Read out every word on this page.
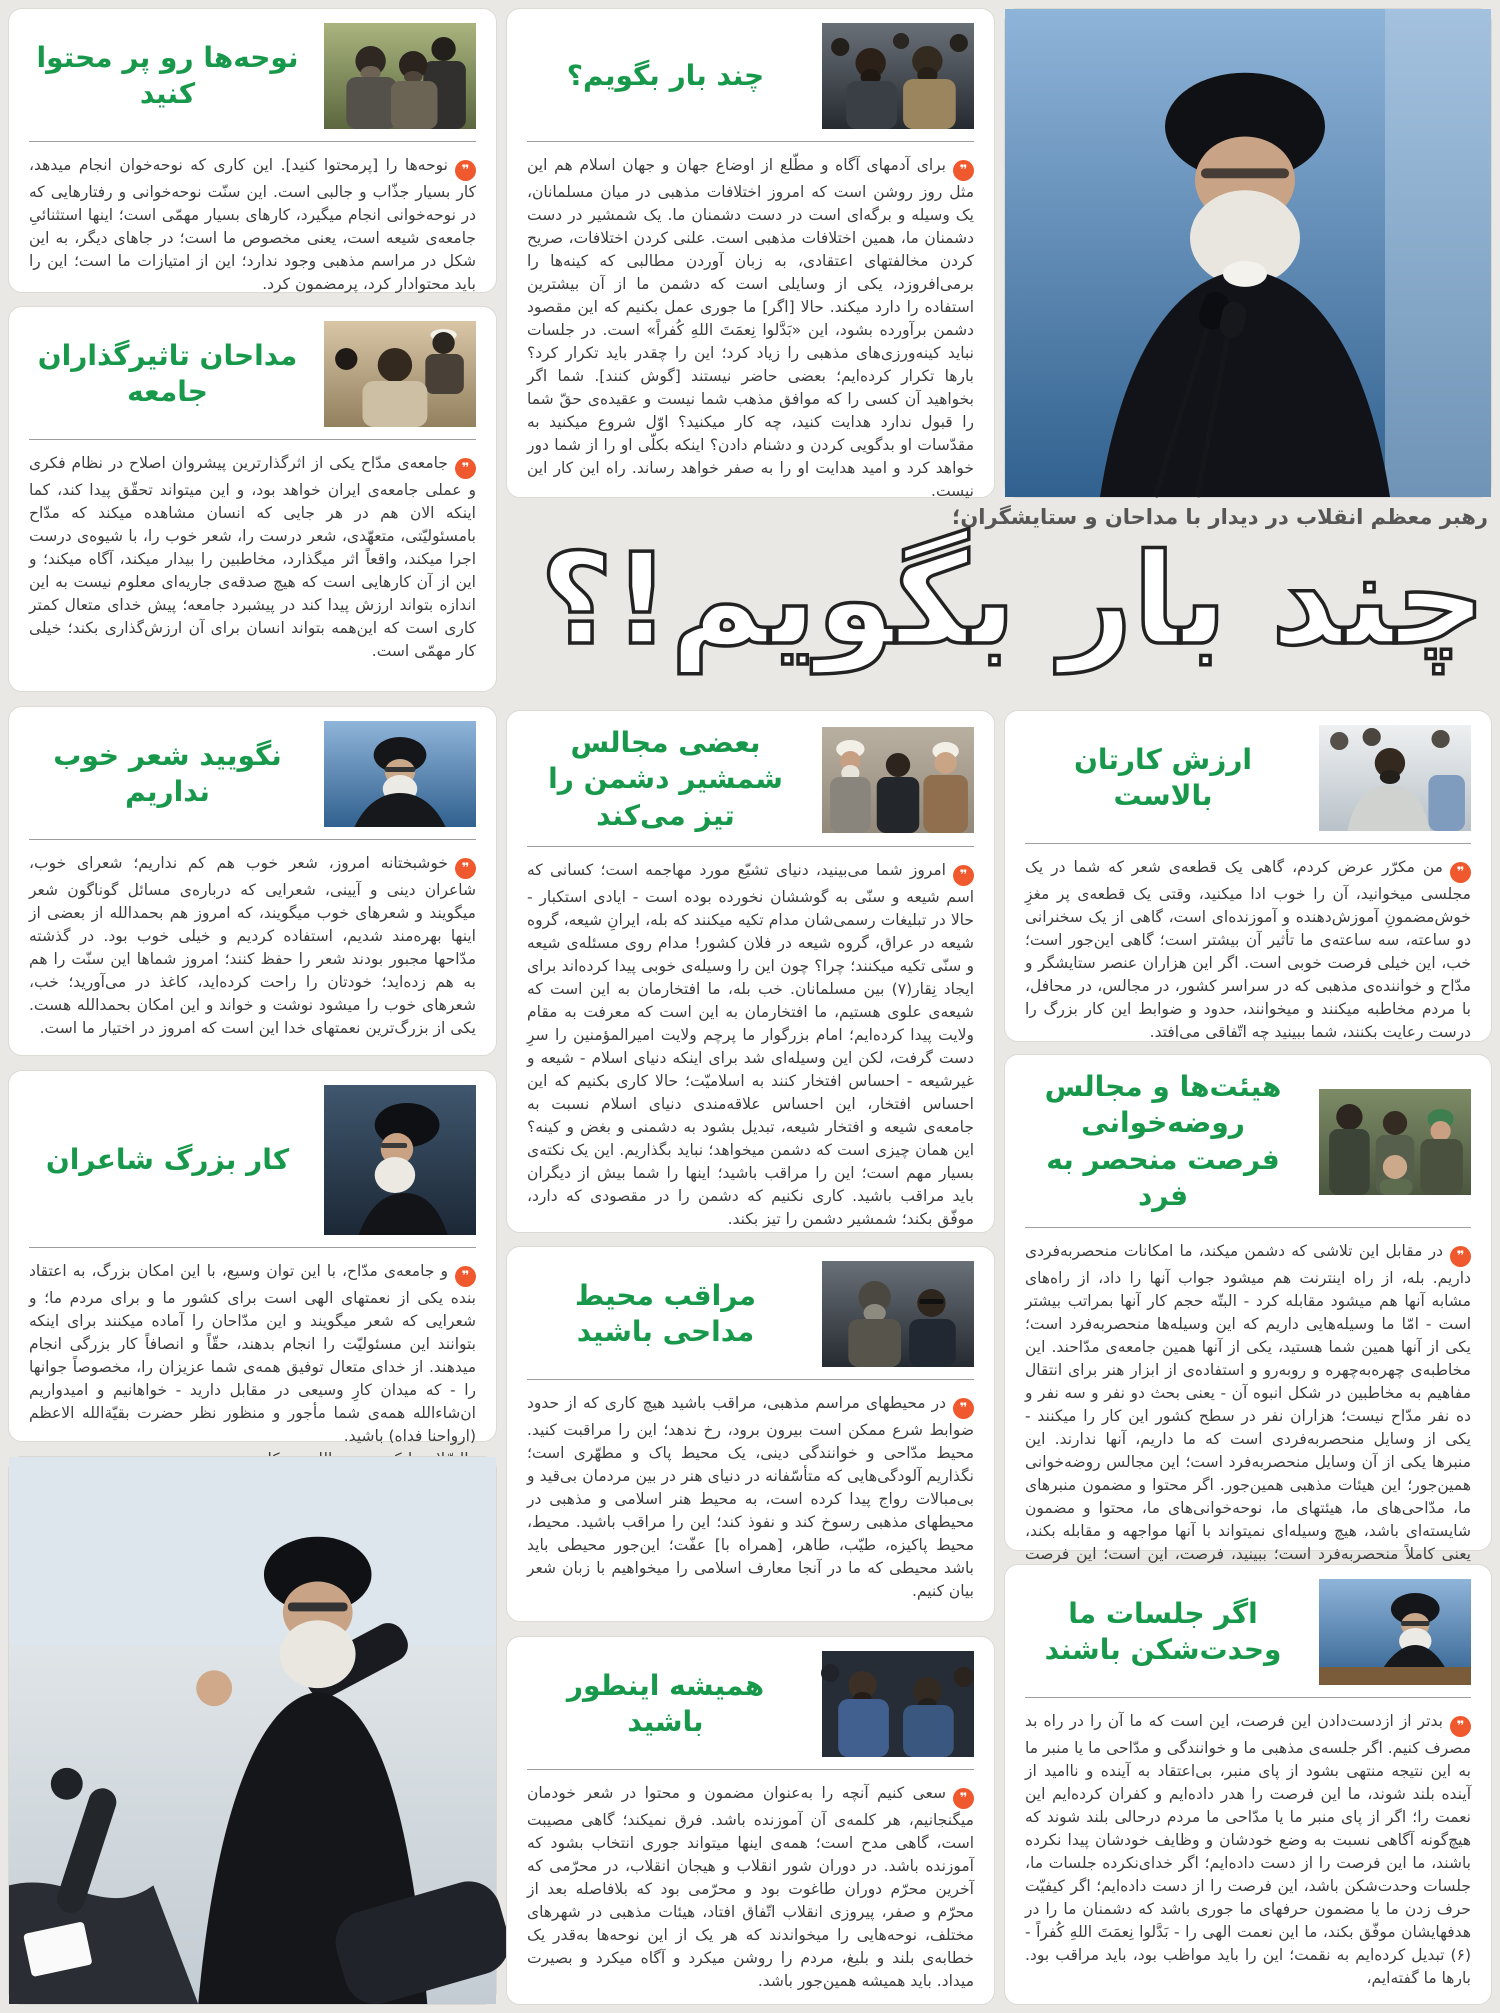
نوحه‌ها رو پر محتوا کنید

❞نوحه‌ها را [پرمحتوا کنید]. این کاری که نوحه‌خوان انجام میدهد، کار بسیار جذّاب و جالبی است. این سنّت نوحه‌خوانی و رفتارهایی که در نوحه‌خوانی انجام میگیرد، کارهای بسیار مهمّی است؛ اینها استثنائیِ جامعه‌ی شیعه است، یعنی مخصوص ما است؛ در جاهای دیگر، به این شکل در مراسم مذهبی وجود ندارد؛ این از امتیازات ما است؛ این را باید محتوادار کرد، پرمضمون کرد.

مداحان تاثیرگذاران جامعه

❞جامعه‌ی مدّاح یکی از اثرگذارترین پیشروان اصلاح در نظام فکری و عملی جامعه‌ی ایران خواهد بود، و این میتواند تحقّق پیدا کند، کما اینکه الان هم در هر جایی که انسان مشاهده میکند که مدّاح بامسئولیّتی، متعهّدی، شعر درست را، شعر خوب را، با شیوه‌ی درست اجرا میکند، واقعاً اثر میگذارد، مخاطبین را بیدار میکند، آگاه میکند؛ و این از آن کارهایی است که هیچ صدقه‌ی جاریه‌ای معلوم نیست به این اندازه بتواند ارزش پیدا کند در پیشبرد جامعه؛ پیش خدای متعال کمتر کاری است که این‌همه بتواند انسان برای آن ارزش‌گذاری بکند؛ خیلی کار مهمّی است.

نگویید شعر خوب نداریم

❞خوشبختانه امروز، شعر خوب هم کم نداریم؛ شعرای خوب، شاعران دینی و آیینی، شعرایی که درباره‌ی مسائل گوناگون شعر میگویند و شعرهای خوب میگویند، که امروز هم بحمدالله از بعضی از اینها بهره‌مند شدیم، استفاده کردیم و خیلی خوب بود. در گذشته مدّاحها مجبور بودند شعر را حفظ کنند؛ امروز شماها این سنّت را هم به هم زده‌اید؛ خودتان را راحت کرده‌اید، کاغذ در می‌آورید؛ خب، شعرهای خوب را میشود نوشت و خواند و این امکان بحمدالله هست. یکی از بزرگ‌ترین نعمتهای خدا این است که امروز در اختیار ما است.

کار بزرگ شاعران

❞و جامعه‌ی مدّاح، با این توان وسیع، با این امکان بزرگ، به اعتقاد بنده یکی از نعمتهای الهی است برای کشور ما و برای مردم ما؛ و شعرایی که شعر میگویند و این مدّاحان را آماده میکنند برای اینکه بتوانند این مسئولیّت را انجام بدهند، حقّاً و انصافاً کار بزرگی انجام میدهند. از خدای متعال توفیق همه‌ی شما عزیزان را، مخصوصاً جوانها را - که میدان کارِ وسیعی در مقابل دارید - خواهانیم و امیدواریم ان‌شاءالله همه‌ی شما مأجور و منظور نظر حضرت بقیّةالله الاعظم (ارواحنا فداه) باشید.

چند بار بگویم؟

❞برای آدمهای آگاه و مطّلع از اوضاع جهان و جهان اسلام هم این مثل روز روشن است که امروز اختلافات مذهبی در میان مسلمانان، یک وسیله و برگه‌ای است در دست دشمنان ما. یک شمشیر در دست دشمنان ما، همین اختلافات مذهبی است. علنی کردن اختلافات، صریح کردن مخالفتهای اعتقادی، به زبان آوردن مطالبی که کینه‌ها را برمی‌افروزد، یکی از وسایلی است که دشمن ما از آن بیشترین استفاده را دارد میکند. حالا [اگر] ما جوری عمل بکنیم که این مقصود دشمن برآورده بشود، این «بَدَّلوا نِعمَتَ اللهِ کُفراً» است. در جلسات نباید کینه‌ورزی‌های مذهبی را زیاد کرد؛ این را چقدر باید تکرار کرد؟ بارها تکرار کرده‌ایم؛ بعضی حاضر نیستند [گوش کنند]. شما اگر بخواهید آن کسی را که موافق مذهب شما نیست و عقیده‌ی حقّ شما را قبول ندارد هدایت کنید، چه کار میکنید؟ اوّل شروع میکنید به مقدّسات او بدگویی کردن و دشنام دادن؟ اینکه بکلّی او را از شما دور خواهد کرد و امید هدایت او را به صفر خواهد رساند. راه این کار این نیست.

بعضی مجالس
شمشیر دشمن را تیز می‌کند

❞امروز شما می‌بینید، دنیای تشیّع مورد مهاجمه است؛ کسانی که اسم شیعه و سنّی به گوششان نخورده بوده است - ایادی استکبار - حالا در تبلیغات رسمی‌شان مدام تکیه میکنند که بله، ایرانِ شیعه، گروه شیعه در عراق، گروه شیعه در فلان کشور! مدام روی مسئله‌ی شیعه و سنّی تکیه میکنند؛ چرا؟ چون این را وسیله‌ی خوبی پیدا کرده‌اند برای ایجاد نِقار(۷) بین مسلمانان. خب بله، ما افتخارمان به این است که شیعه‌ی علوی هستیم، ما افتخارمان به این است که معرفت به مقام ولایت پیدا کرده‌ایم؛ امام بزرگوار ما پرچم ولایت امیرالمؤمنین را سرِ دست گرفت، لکن این وسیله‌ای شد برای اینکه دنیای اسلام - شیعه و غیرشیعه - احساس افتخار کنند به اسلامیّت؛ حالا کاری بکنیم که این احساس افتخار، این احساس علاقه‌مندی دنیای اسلام نسبت به جامعه‌ی شیعه و افتخار شیعه، تبدیل بشود به دشمنی و بغض و کینه؟ این همان چیزی است که دشمن میخواهد؛ نباید بگذاریم. این یک نکته‌ی بسیار مهم است؛ این را مراقب باشید؛ اینها را شما بیش از دیگران باید مراقب باشید. کاری نکنیم که دشمن را در مقصودی که دارد، موفّق بکند؛ شمشیر دشمن را تیز بکند.

مراقب محیط مداحی باشید

❞در محیطهای مراسم مذهبی، مراقب باشید هیچ کاری که از حدود ضوابط شرع ممکن است بیرون برود، رخ ندهد؛ این را مراقبت کنید. محیط مدّاحی و خوانندگی دینی، یک محیط پاک و مطهّری است؛ نگذاریم آلودگی‌هایی که متأسّفانه در دنیای هنر در بین مردمان بی‌قید و بی‌مبالات رواج پیدا کرده است، به محیط هنر اسلامی و مذهبی در محیطهای مذهبی رسوخ کند و نفوذ کند؛ این را مراقب باشید. محیط، محیط پاکیزه، طیّب، طاهر، [همراه با] عفّت؛ این‌جور محیطی باید باشد محیطی که ما در آنجا معارف اسلامی را میخواهیم با زبان شعر بیان کنیم.

همیشه اینطور باشید

❞سعی کنیم آنچه را به‌عنوان مضمون و محتوا در شعر خودمان میگنجانیم، هر کلمه‌ی آن آموزنده باشد. فرق نمیکند؛ گاهی مصیبت است، گاهی مدح است؛ همه‌ی اینها میتواند جوری انتخاب بشود که آموزنده باشد. در دوران شور انقلاب و هیجان انقلاب، در محرّمی که آخرین محرّم دوران طاغوت بود و محرّمی بود که بلافاصله بعد از محرّم و صفر، پیروزی انقلاب اتّفاق افتاد، هیئات مذهبی در شهرهای مختلف، نوحه‌هایی را میخواندند که هر یک از این نوحه‌ها به‌قدر یک خطابه‌ی بلند و بلیغ، مردم را روشن میکرد و آگاه میکرد و بصیرت میداد. باید همیشه همین‌جور باشد.

رهبر معظم انقلاب در دیدار با مداحان و ستایشگران؛

چند بار بگویم!؟
ارزش کارتان بالاست

❞من مکرّر عرض کردم، گاهی یک قطعه‌ی شعر که شما در یک مجلسی میخوانید، آن را خوب ادا میکنید، وقتی یک قطعه‌ی پر مغزِ خوش‌مضمونِ آموزش‌دهنده و آموزنده‌ای است، گاهی از یک سخنرانی دو ساعته، سه ساعته‌ی ما تأثیر آن بیشتر است؛ گاهی این‌جور است؛ خب، این خیلی فرصت خوبی است. اگر این هزاران عنصر ستایشگر و مدّاح و خواننده‌ی مذهبی که در سراسر کشور، در مجالس، در محافل، با مردم مخاطبه میکنند و میخوانند، حدود و ضوابط این کار بزرگ را درست رعایت بکنند، شما ببینید چه اتّفاقی می‌افتد.

هیئت‌ها و مجالس روضه‌خوانی
فرصت منحصر به فرد

❞در مقابل این تلاشی که دشمن میکند، ما امکانات منحصربه‌فردی داریم. بله، از راه اینترنت هم میشود جواب آنها را داد، از راه‌های مشابه آنها هم میشود مقابله کرد - البتّه حجم کار آنها بمراتب بیشتر است - امّا ما وسیله‌هایی داریم که این وسیله‌ها منحصربه‌فرد است؛ یکی از آنها همین شما هستید، یکی از آنها همین جامعه‌ی مدّاحند. این مخاطبه‌ی چهره‌به‌چهره و روبه‌رو و استفاده‌ی از ابزار هنر برای انتقال مفاهیم به مخاطبین در شکل انبوه آن - یعنی بحث دو نفر و سه نفر و ده نفر مدّاح نیست؛ هزاران نفر در سطح کشور این کار را میکنند - یکی از وسایل منحصربه‌فردی است که ما داریم، آنها ندارند. این منبرها یکی از آن وسایل منحصربه‌فرد است؛ این مجالس روضه‌خوانی همین‌جور؛ این هیئات مذهبی همین‌جور. اگر محتوا و مضمون منبرهای ما، مدّاحی‌های ما، هیئتهای ما، نوحه‌خوانی‌های ما، محتوا و مضمون شایسته‌ای باشد، هیچ وسیله‌ای نمیتواند با آنها مواجهه و مقابله بکند، یعنی کاملاً منحصربه‌فرد است؛ ببینید، فرصت، این است؛ این فرصت

اگر جلسات ما
وحدت‌شکن باشند

❞بدتر از ازدست‌دادن این فرصت، این است که ما آن را در راه بد مصرف کنیم. اگر جلسه‌ی مذهبی ما و خوانندگی و مدّاحی ما یا منبر ما به این نتیجه منتهی بشود از پای منبر، بی‌اعتقاد به آینده و ناامید از آینده بلند شوند، ما این فرصت را هدر داده‌ایم و کفران کرده‌ایم این نعمت را؛ اگر از پای منبر ما یا مدّاحی ما مردم درحالی بلند شوند که هیچ‌گونه آگاهی نسبت به وضع خودشان و وظایف خودشان پیدا نکرده باشند، ما این فرصت را از دست داده‌ایم؛ اگر خدای‌نکرده جلسات ما، جلسات وحدت‌شکن باشد، این فرصت را از دست داده‌ایم؛ اگر کیفیّت حرف زدن ما یا مضمون حرفهای ما جوری باشد که دشمنان ما را در هدفهایشان موفّق بکند، ما این نعمت الهی را - بَدَّلوا نِعمَتَ اللهِ کُفراً - (۶) تبدیل کرده‌ایم به نقمت؛ این را باید مواظب بود، باید مراقب بود. بارها ما گفته‌ایم،
